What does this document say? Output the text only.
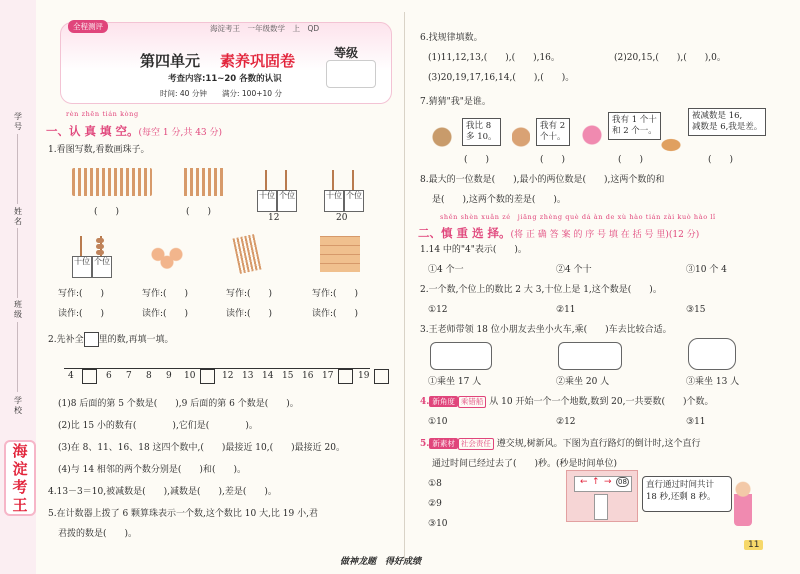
学号
姓名
班级
学校
海淀考王
全程测评	海淀考王　一年级数学　上　QD
第四单元 素养巩固卷	等级
考查内容:11~20 各数的认识
时间: 40 分钟 满分: 100+10 分
rèn zhēn tián kòng
一、认 真 填 空。(每空 1 分,共 43 分)
1.看图写数,看数画珠子。
(　　)	(　　)
十位 个位
12
十位 个位
20
十位 个位
写作:(　　)	写作:(　　)	写作:(　　)	写作:(　　)
读作:(　　)	读作:(　　)	读作:(　　)	读作:(　　)
2.先补全 里的数,再填一填。
4	6 7 8 9 10	12 13 14 15 16 17	19
(1)8 后面的第 5 个数是(　　),9 后面的第 6 个数是(　　)。
(2)比 15 小的数有(　　　　),它们是(　　　　)。
(3)在 8、11、16、18 这四个数中,(　　)最接近 10,(　　)最接近 20。
(4)与 14 相邻的两个数分别是(　　)和(　　)。
4.13－3＝10,被减数是(　　),减数是(　　),差是(　　)。
5.在计数器上拨了 6 颗算珠表示一个数,这个数比 10 大,比 19 小,君
君拨的数是(　　)。
6.找规律填数。
(1)11,12,13,(　　),(　　),16。	(2)20,15,(　　),(　　),0。
(3)20,19,17,16,14,(　　),(　　)。
7.猜猜"我"是谁。
我比 8
多 10。
我有 2
个十。
我有 1 个十
和 2 个一。
被减数是 16,
减数是 6,我是差。
(　　)	(　　)	(　　)	(　　)
8.最大的一位数是(　　),最小的两位数是(　　),这两个数的和
是(　　),这两个数的差是(　　)。
shěn shèn xuǎn zé　jiāng zhèng què dá àn de xù hào tián zài kuò hào lǐ
二、慎 重 选 择。(将 正 确 答 案 的 序 号 填 在 括 号 里)(12 分)
1.14 中的"4"表示(　　)。
①4 个一	②4 个十	③10 个 4
2.一个数,个位上的数比 2 大 3,十位上是 1,这个数是(　　)。
①12	②11	③15
3.王老师带领 18 位小朋友去坐小火车,乘(　　)车去比较合适。
①乘坐 17 人	②乘坐 20 人	③乘坐 13 人
4. 新角度 乘错船 从 10 开始一个一个地数,数到 20,一共要数(　　)个数。
①10	②12	③11
5. 新素材 社会责任 遵交规,树新风。下图为直行路灯的倒计时,这个直行
通过时间已经过去了(　　)秒。(秒是时间单位)
①8
②9
③10
← ↑ → 08 直行通过时间共计
18 秒,还剩 8 秒。
做神龙题　得好成绩
11
